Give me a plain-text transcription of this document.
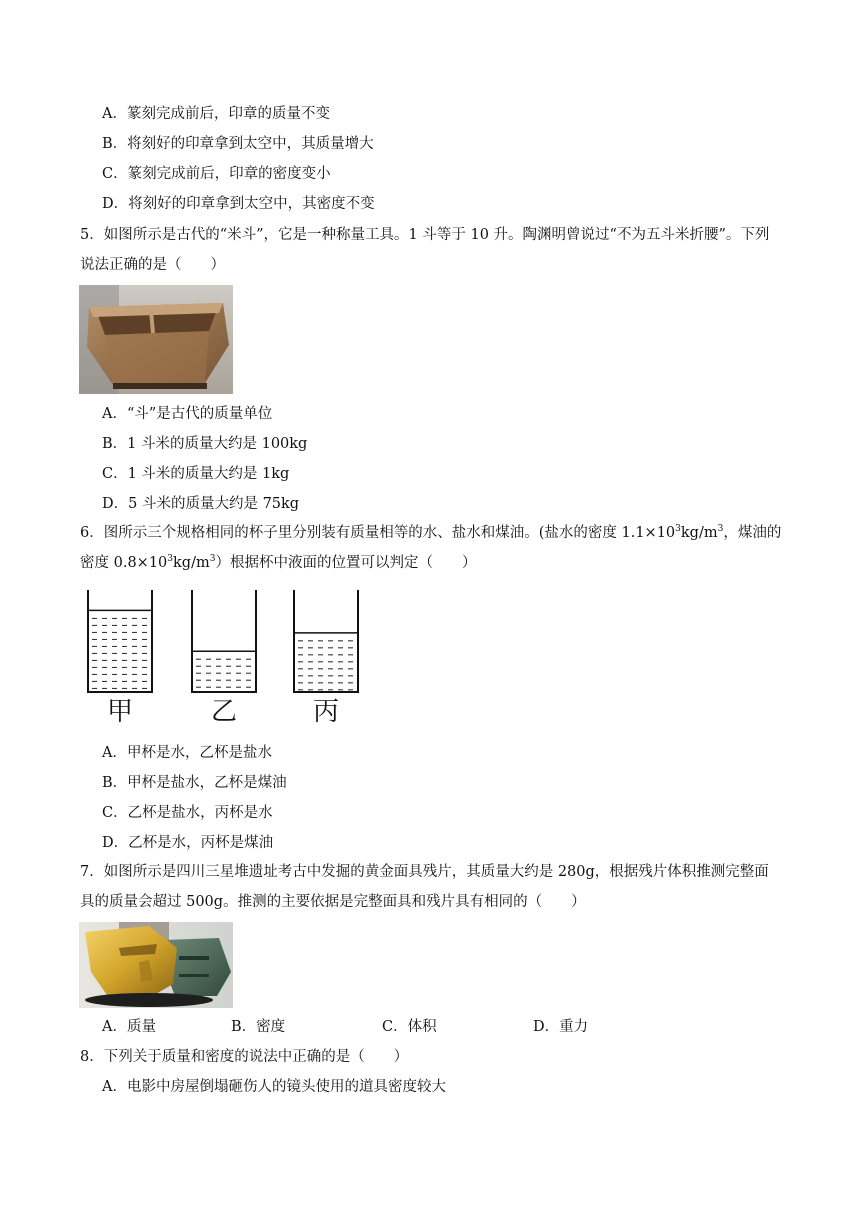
A．篆刻完成前后，印章的质量不变
B．将刻好的印章拿到太空中，其质量增大
C．篆刻完成前后，印章的密度变小
D．将刻好的印章拿到太空中，其密度不变
5．如图所示是古代的“米斗”，它是一种称量工具。1 斗等于 10 升。陶渊明曾说过“不为五斗米折腰”。下列
说法正确的是（　　）
A．“斗”是古代的质量单位
B．1 斗米的质量大约是 100kg
C．1 斗米的质量大约是 1kg
D．5 斗米的质量大约是 75kg
6．图所示三个规格相同的杯子里分别装有质量相等的水、盐水和煤油。(盐水的密度 $1.1\times 10^3kg/m^3$，煤油的
密度 $0.8\times 10^3kg/m^3$）根据杯中液面的位置可以判定（　　）
甲	乙	丙
A．甲杯是水，乙杯是盐水
B．甲杯是盐水，乙杯是煤油
C．乙杯是盐水，丙杯是水
D．乙杯是水，丙杯是煤油
7．如图所示是四川三星堆遗址考古中发掘的黄金面具残片，其质量大约是 280g，根据残片体积推测完整面
具的质量会超过 500g。推测的主要依据是完整面具和残片具有相同的（　　）
A．质量	B．密度	C．体积	D．重力
8．下列关于质量和密度的说法中正确的是（　　）
A．电影中房屋倒塌砸伤人的镜头使用的道具密度较大
